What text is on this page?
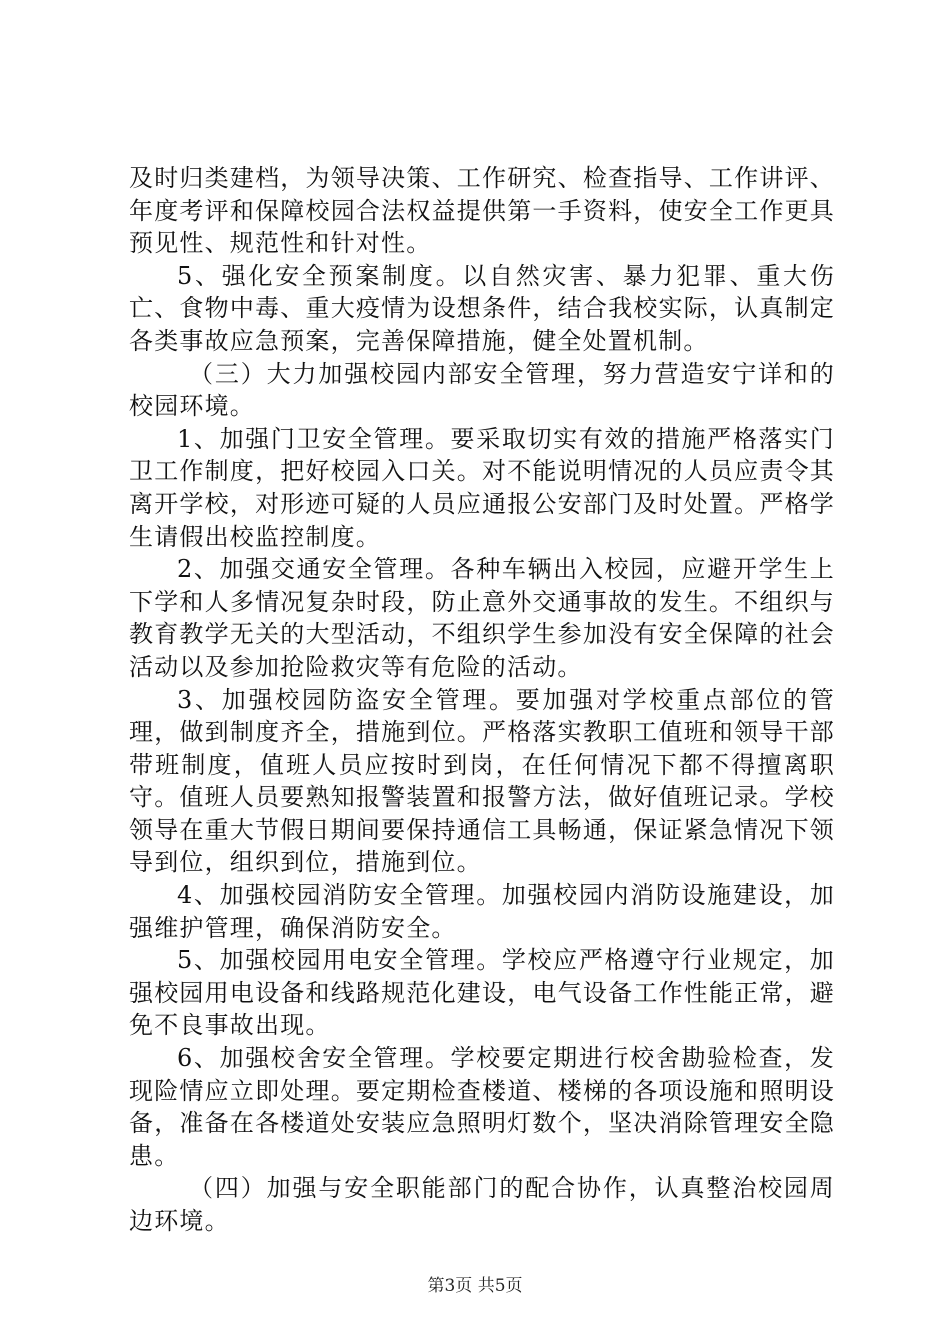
及时归类建档，为领导决策、工作研究、检查指导、工作讲评、年度考评和保障校园合法权益提供第一手资料，使安全工作更具预见性、规范性和针对性。

5、强化安全预案制度。以自然灾害、暴力犯罪、重大伤亡、食物中毒、重大疫情为设想条件，结合我校实际，认真制定各类事故应急预案，完善保障措施，健全处置机制。

（三）大力加强校园内部安全管理，努力营造安宁详和的校园环境。

1、加强门卫安全管理。要采取切实有效的措施严格落实门卫工作制度，把好校园入口关。对不能说明情况的人员应责令其离开学校，对形迹可疑的人员应通报公安部门及时处置。严格学生请假出校监控制度。

2、加强交通安全管理。各种车辆出入校园，应避开学生上下学和人多情况复杂时段，防止意外交通事故的发生。不组织与教育教学无关的大型活动，不组织学生参加没有安全保障的社会活动以及参加抢险救灾等有危险的活动。

3、加强校园防盗安全管理。要加强对学校重点部位的管理，做到制度齐全，措施到位。严格落实教职工值班和领导干部带班制度，值班人员应按时到岗，在任何情况下都不得擅离职守。值班人员要熟知报警装置和报警方法，做好值班记录。学校领导在重大节假日期间要保持通信工具畅通，保证紧急情况下领导到位，组织到位，措施到位。

4、加强校园消防安全管理。加强校园内消防设施建设，加强维护管理，确保消防安全。

5、加强校园用电安全管理。学校应严格遵守行业规定，加强校园用电设备和线路规范化建设，电气设备工作性能正常，避免不良事故出现。

6、加强校舍安全管理。学校要定期进行校舍勘验检查，发现险情应立即处理。要定期检查楼道、楼梯的各项设施和照明设备，准备在各楼道处安装应急照明灯数个，坚决消除管理安全隐患。

（四）加强与安全职能部门的配合协作，认真整治校园周边环境。

第3页 共5页
